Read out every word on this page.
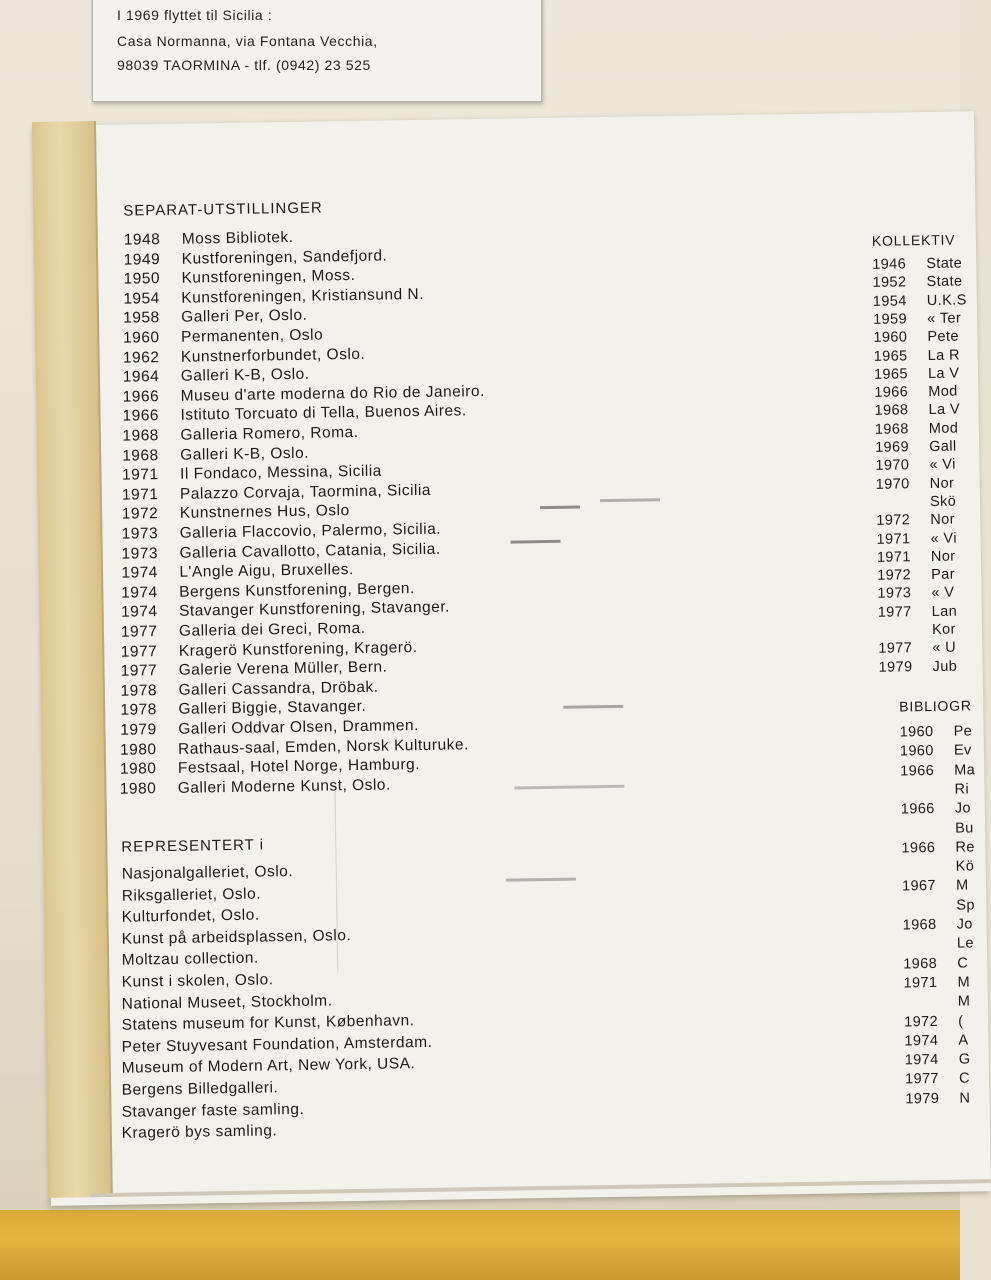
I 1969 flyttet til Sicilia :
Casa Normanna, via Fontana Vecchia,
98039 TAORMINA - tlf. (0942) 23 525
SEPARAT-UTSTILLINGER
1948 Moss Bibliotek.
1949 Kustforeningen, Sandefjord.
1950 Kunstforeningen, Moss.
1954 Kunstforeningen, Kristiansund N.
1958 Galleri Per, Oslo.
1960 Permanenten, Oslo
1962 Kunstnerforbundet, Oslo.
1964 Galleri K-B, Oslo.
1966 Museu d'arte moderna do Rio de Janeiro.
1966 Istituto Torcuato di Tella, Buenos Aires.
1968 Galleria Romero, Roma.
1968 Galleri K-B, Oslo.
1971 Il Fondaco, Messina, Sicilia
1971 Palazzo Corvaja, Taormina, Sicilia
1972 Kunstnernes Hus, Oslo
1973 Galleria Flaccovio, Palermo, Sicilia.
1973 Galleria Cavallotto, Catania, Sicilia.
1974 L'Angle Aigu, Bruxelles.
1974 Bergens Kunstforening, Bergen.
1974 Stavanger Kunstforening, Stavanger.
1977 Galleria dei Greci, Roma.
1977 Kragerö Kunstforening, Kragerö.
1977 Galerie Verena Müller, Bern.
1978 Galleri Cassandra, Dröbak.
1978 Galleri Biggie, Stavanger.
1979 Galleri Oddvar Olsen, Drammen.
1980 Rathaus-saal, Emden, Norsk Kulturuke.
1980 Festsaal, Hotel Norge, Hamburg.
1980 Galleri Moderne Kunst, Oslo.
REPRESENTERT i
Nasjonalgalleriet, Oslo.
Riksgalleriet, Oslo.
Kulturfondet, Oslo.
Kunst på arbeidsplassen, Oslo.
Moltzau collection.
Kunst i skolen, Oslo.
National Museet, Stockholm.
Statens museum for Kunst, København.
Peter Stuyvesant Foundation, Amsterdam.
Museum of Modern Art, New York, USA.
Bergens Billedgalleri.
Stavanger faste samling.
Kragerö bys samling.
KOLLEKTIV
1946 State
1952 State
1954 U.K.S
1959 « Ter
1960 Pete
1965 La R
1965 La V
1966 Mod
1968 La V
1968 Mod
1969 Gall
1970 « Vi
1970 Nor
Skö
1972 Nor
1971 « Vi
1971 Nor
1972 Par
1973 « V
1977 Lan
Kor
1977 « U
1979 Jub
BIBLIOGR
1960 Pe
1960 Ev
1966 Ma
Ri
1966 Jo
Bu
1966 Re
Kö
1967 M
Sp
1968 Jo
Le
1968 C
1971 M
M
1972 (
1974 A
1974 G
1977 C
1979 N
